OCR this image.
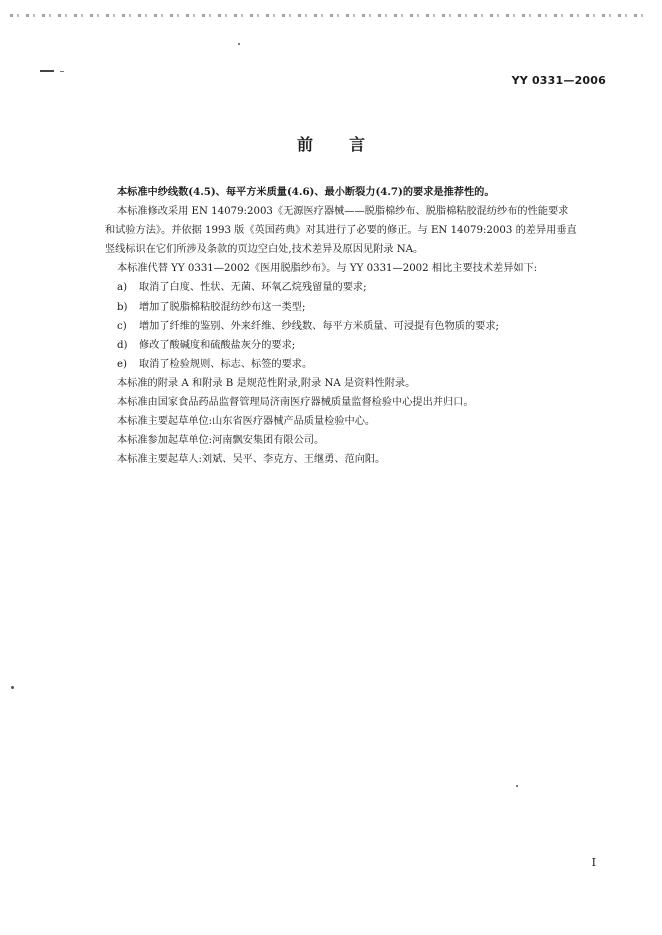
YY 0331—2006
前言

本标准中纱线数(4.5)、每平方米质量(4.6)、最小断裂力(4.7)的要求是推荐性的。

本标准修改采用 EN 14079:2003《无源医疗器械——脱脂棉纱布、脱脂棉粘胶混纺纱布的性能要求

和试验方法》。并依据 1993 版《英国药典》对其进行了必要的修正。与 EN 14079:2003 的差异用垂直

竖线标识在它们所涉及条款的页边空白处,技术差异及原因见附录 NA。

本标准代替 YY 0331—2002《医用脱脂纱布》。与 YY 0331—2002 相比主要技术差异如下:

a)	取消了白度、性状、无菌、环氧乙烷残留量的要求;
b)	增加了脱脂棉粘胶混纺纱布这一类型;
c)	增加了纤维的鉴别、外来纤维、纱线数、每平方米质量、可浸提有色物质的要求;
d)	修改了酸碱度和硫酸盐灰分的要求;
e)	取消了检验规则、标志、标签的要求。

本标准的附录 A 和附录 B 是规范性附录,附录 NA 是资料性附录。

本标准由国家食品药品监督管理局济南医疗器械质量监督检验中心提出并归口。

本标准主要起草单位:山东省医疗器械产品质量检验中心。

本标准参加起草单位:河南飘安集团有限公司。

本标准主要起草人:刘斌、吴平、李克方、王继勇、范向阳。

I
